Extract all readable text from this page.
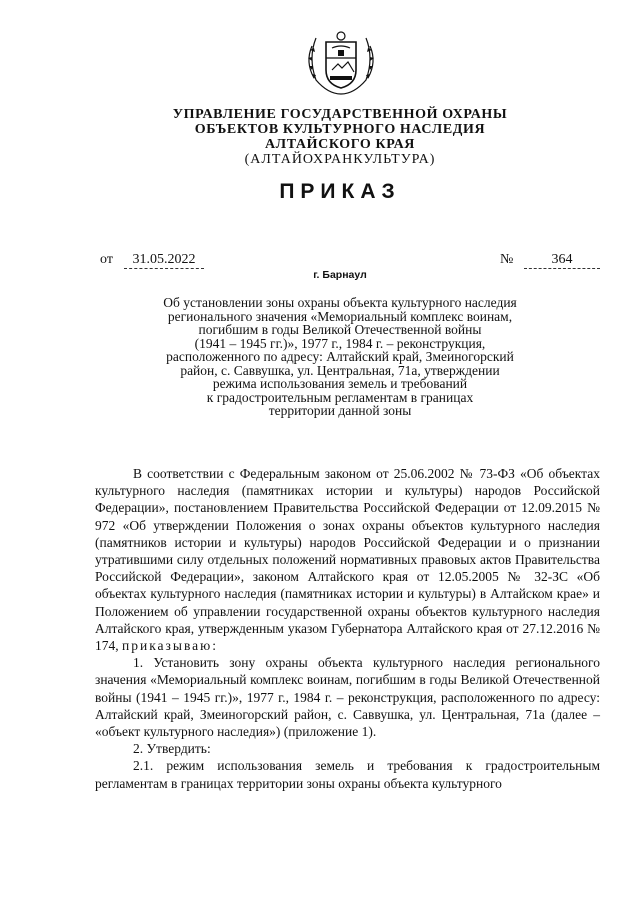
УПРАВЛЕНИЕ ГОСУДАРСТВЕННОЙ ОХРАНЫ
ОБЪЕКТОВ КУЛЬТУРНОГО НАСЛЕДИЯ
АЛТАЙСКОГО КРАЯ
(АЛТАЙОХРАНКУЛЬТУРА)
ПРИКАЗ
от	31.05.2022	№	364
г. Барнаул
Об установлении зоны охраны объекта культурного наследия
регионального значения «Мемориальный комплекс воинам,
погибшим в годы Великой Отечественной войны
(1941 – 1945 гг.)», 1977 г., 1984 г. – реконструкция,
расположенного по адресу: Алтайский край, Змеиногорский
район, с. Саввушка, ул. Центральная, 71а, утверждении
режима использования земель и требований
к градостроительным регламентам в границах
территории данной зоны

В соответствии с Федеральным законом от 25.06.2002 № 73-ФЗ «Об объектах культурного наследия (памятниках истории и культуры) народов Российской Федерации», постановлением Правительства Российской Федерации от 12.09.2015 № 972 «Об утверждении Положения о зонах охраны объектов культурного наследия (памятников истории и культуры) народов Российской Федерации и о признании утратившими силу отдельных положений нормативных правовых актов Правительства Российской Федерации», законом Алтайского края от 12.05.2005 № 32-ЗС «Об объектах культурного наследия (памятниках истории и культуры) в Алтайском крае» и Положением об управлении государственной охраны объектов культурного наследия Алтайского края, утвержденным указом Губернатора Алтайского края от 27.12.2016 № 174, приказываю:

1. Установить зону охраны объекта культурного наследия регионального значения «Мемориальный комплекс воинам, погибшим в годы Великой Отечественной войны (1941 – 1945 гг.)», 1977 г., 1984 г. – реконструкция, расположенного по адресу: Алтайский край, Змеиногорский район, с. Саввушка, ул. Центральная, 71а (далее – «объект культурного наследия») (приложение 1).

2. Утвердить:

2.1. режим использования земель и требования к градостроительным регламентам в границах территории зоны охраны объекта культурного
